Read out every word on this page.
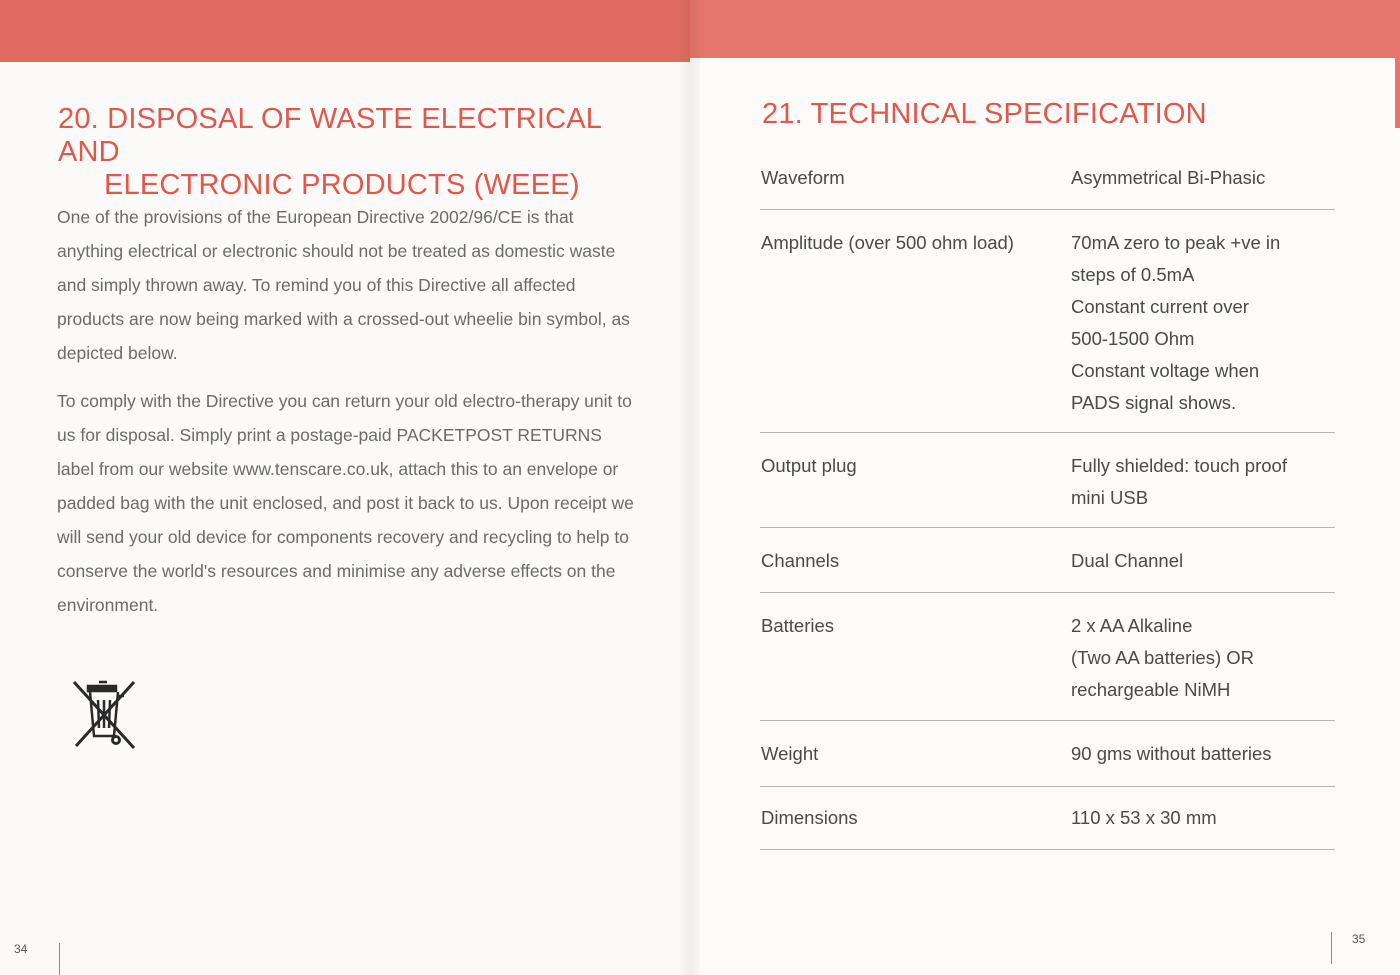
20. DISPOSAL OF WASTE ELECTRICAL AND
ELECTRONIC PRODUCTS (WEEE)

One of the provisions of the European Directive 2002/96/CE is that anything electrical or electronic should not be treated as domestic waste and simply thrown away. To remind you of this Directive all affected products are now being marked with a crossed-out wheelie bin symbol, as depicted below.

To comply with the Directive you can return your old electro-therapy unit to us for disposal. Simply print a postage-paid PACKETPOST RETURNS label from our website www.tenscare.co.uk, attach this to an envelope or padded bag with the unit enclosed, and post it back to us. Upon receipt we will send your old device for components recovery and recycling to help to conserve the world's resources and minimise any adverse effects on the environment.

34
21. TECHNICAL SPECIFICATION
Waveform	Asymmetrical Bi-Phasic
Amplitude (over 500 ohm load)	70mA zero to peak +ve in
steps of 0.5mA
Constant current over
500-1500 Ohm
Constant voltage when
PADS signal shows.
Output plug	Fully shielded: touch proof
mini USB
Channels	Dual Channel
Batteries	2 x AA Alkaline
(Two AA batteries) OR
rechargeable NiMH
Weight	90 gms without batteries
Dimensions	110 x 53 x 30 mm
35
